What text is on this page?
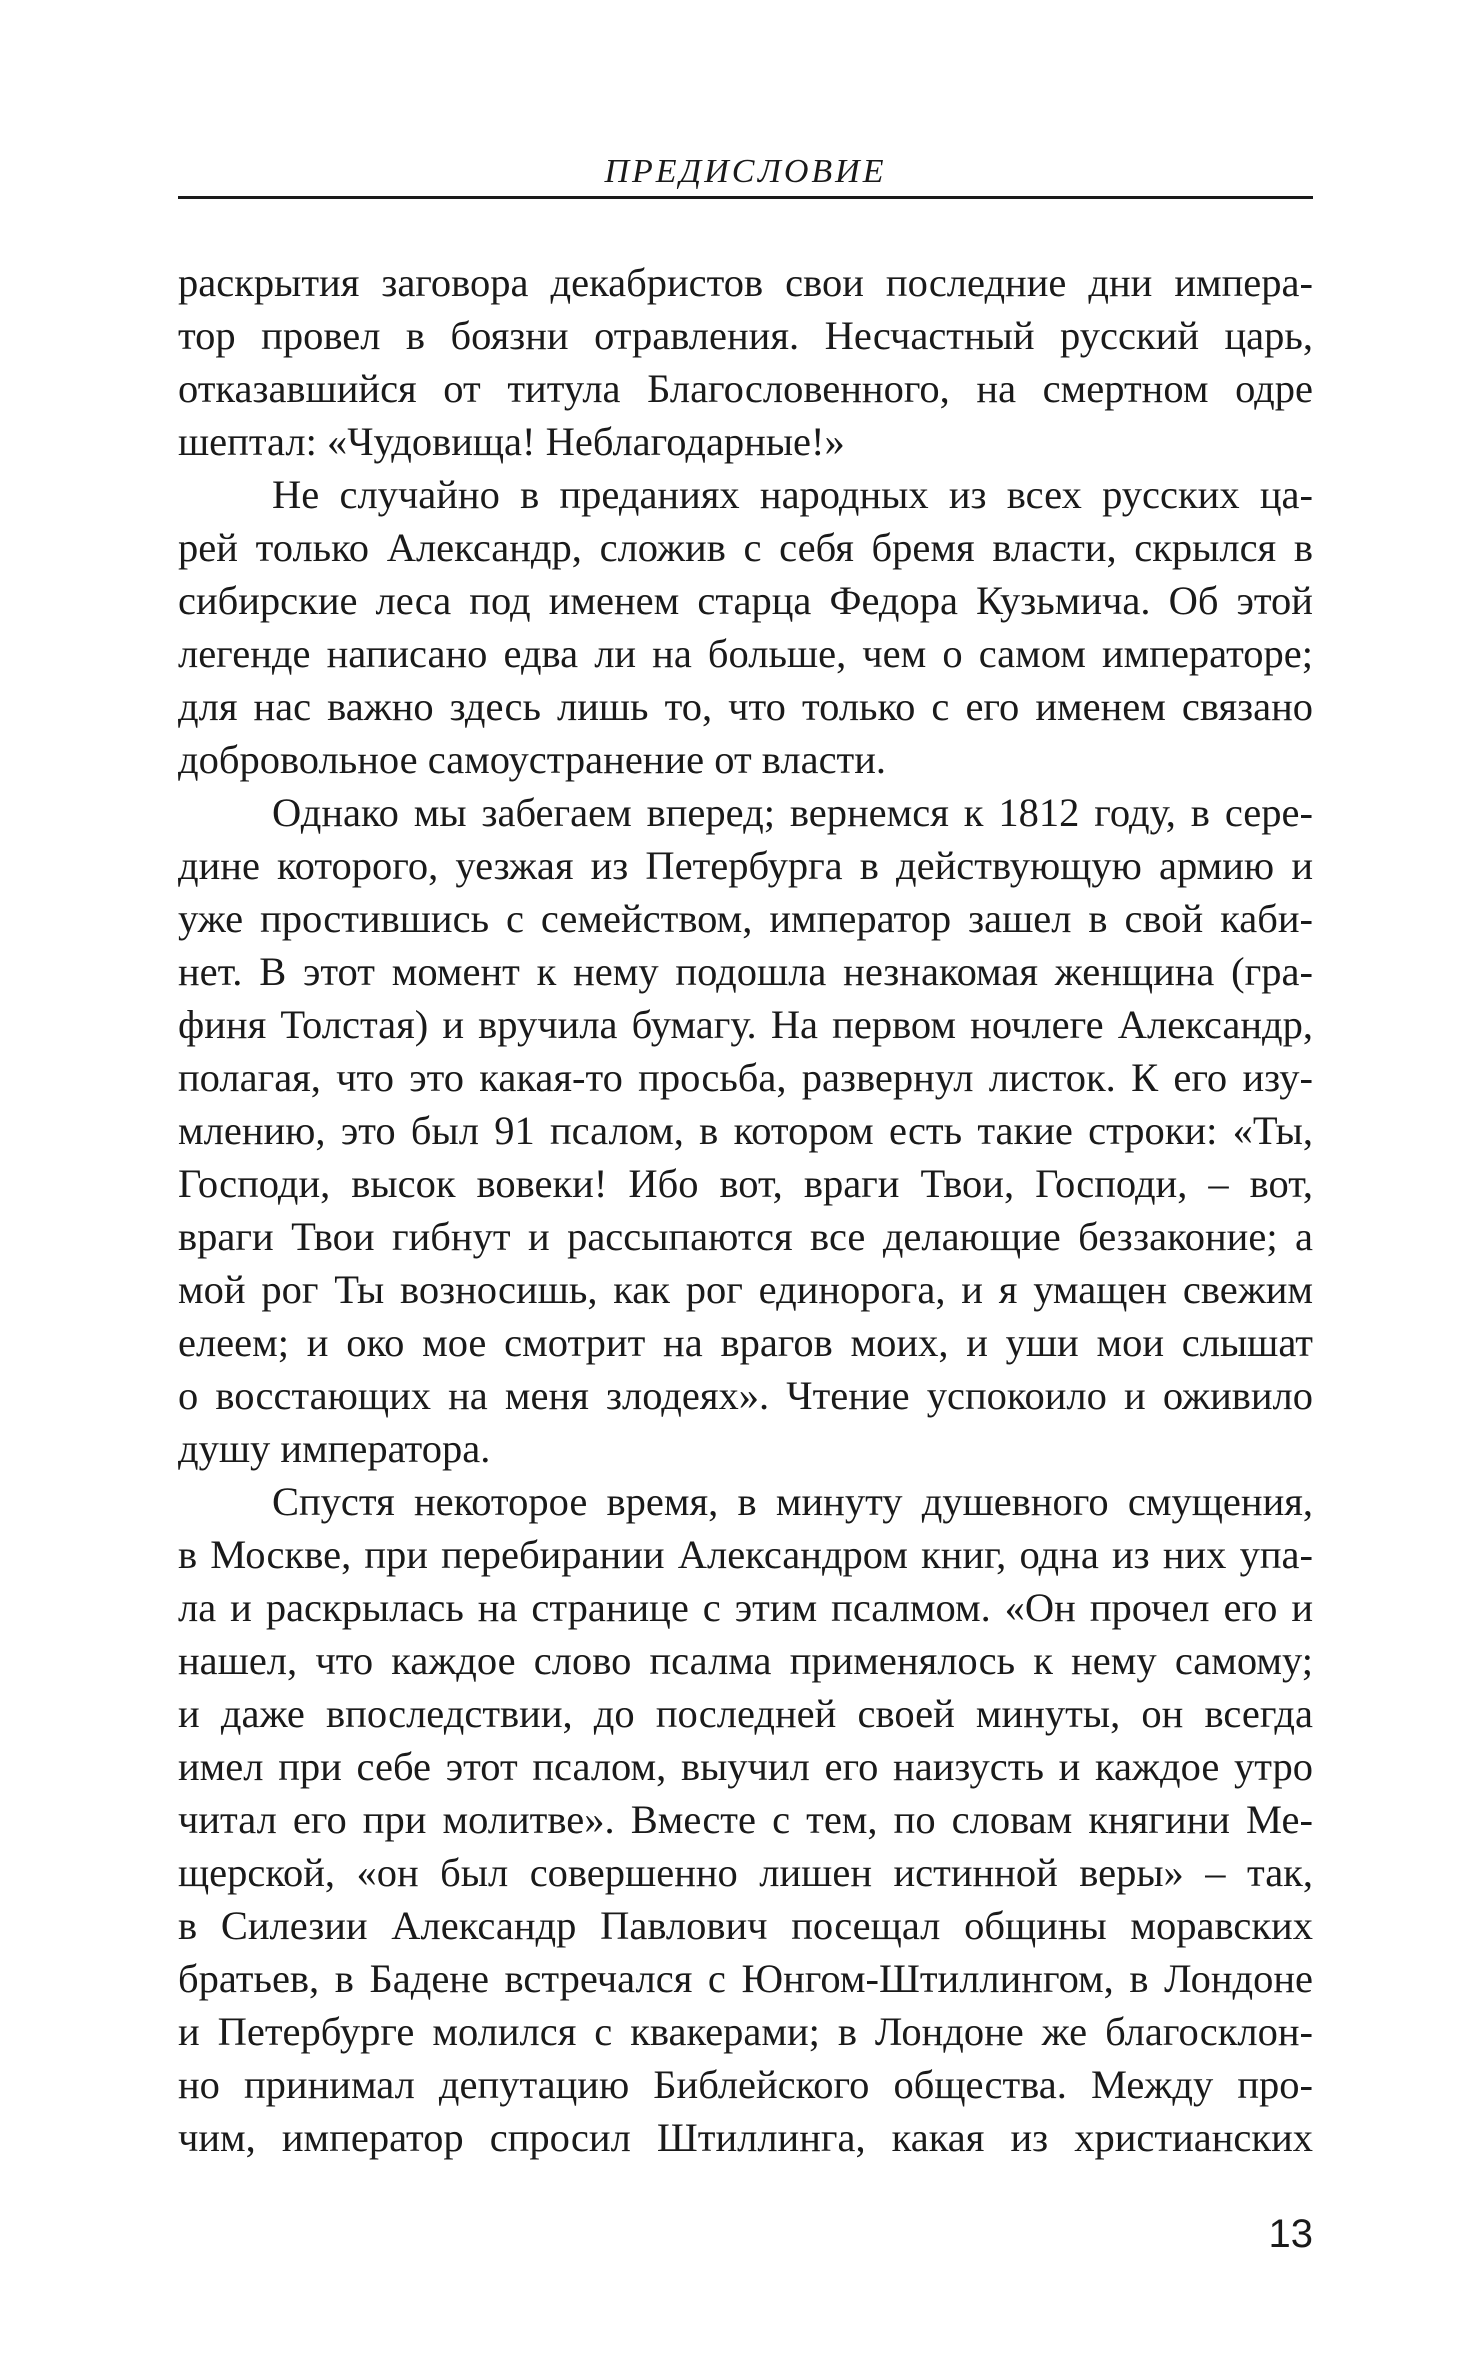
ПРЕДИСЛОВИЕ
раскрытия заговора декабристов свои последние дни импера-
тор провел в боязни отравления. Несчастный русский царь,
отказавшийся от титула Благословенного, на смертном одре
шептал: «Чудовища! Неблагодарные!»
Не случайно в преданиях народных из всех русских ца-
рей только Александр, сложив с себя бремя власти, скрылся в
сибирские леса под именем старца Федора Кузьмича. Об этой
легенде написано едва ли на больше, чем о самом императоре;
для нас важно здесь лишь то, что только с его именем связано
добровольное самоустранение от власти.
Однако мы забегаем вперед; вернемся к 1812 году, в сере-
дине которого, уезжая из Петербурга в действующую армию и
уже простившись с семейством, император зашел в свой каби-
нет. В этот момент к нему подошла незнакомая женщина (гра-
финя Толстая) и вручила бумагу. На первом ночлеге Александр,
полагая, что это какая-то просьба, развернул листок. К его изу-
млению, это был 91 псалом, в котором есть такие строки: «Ты,
Господи, высок вовеки! Ибо вот, враги Твои, Господи, – вот,
враги Твои гибнут и рассыпаются все делающие беззаконие; а
мой рог Ты возносишь, как рог единорога, и я умащен свежим
елеем; и око мое смотрит на врагов моих, и уши мои слышат
о восстающих на меня злодеях». Чтение успокоило и оживило
душу императора.
Спустя некоторое время, в минуту душевного смущения,
в Москве, при перебирании Александром книг, одна из них упа-
ла и раскрылась на странице с этим псалмом. «Он прочел его и
нашел, что каждое слово псалма применялось к нему самому;
и даже впоследствии, до последней своей минуты, он всегда
имел при себе этот псалом, выучил его наизусть и каждое утро
читал его при молитве». Вместе с тем, по словам княгини Ме-
щерской, «он был совершенно лишен истинной веры» – так,
в Силезии Александр Павлович посещал общины моравских
братьев, в Бадене встречался с Юнгом-Штиллингом, в Лондоне
и Петербурге молился с квакерами; в Лондоне же благосклон-
но принимал депутацию Библейского общества. Между про-
чим, император спросил Штиллинга, какая из христианских
13
